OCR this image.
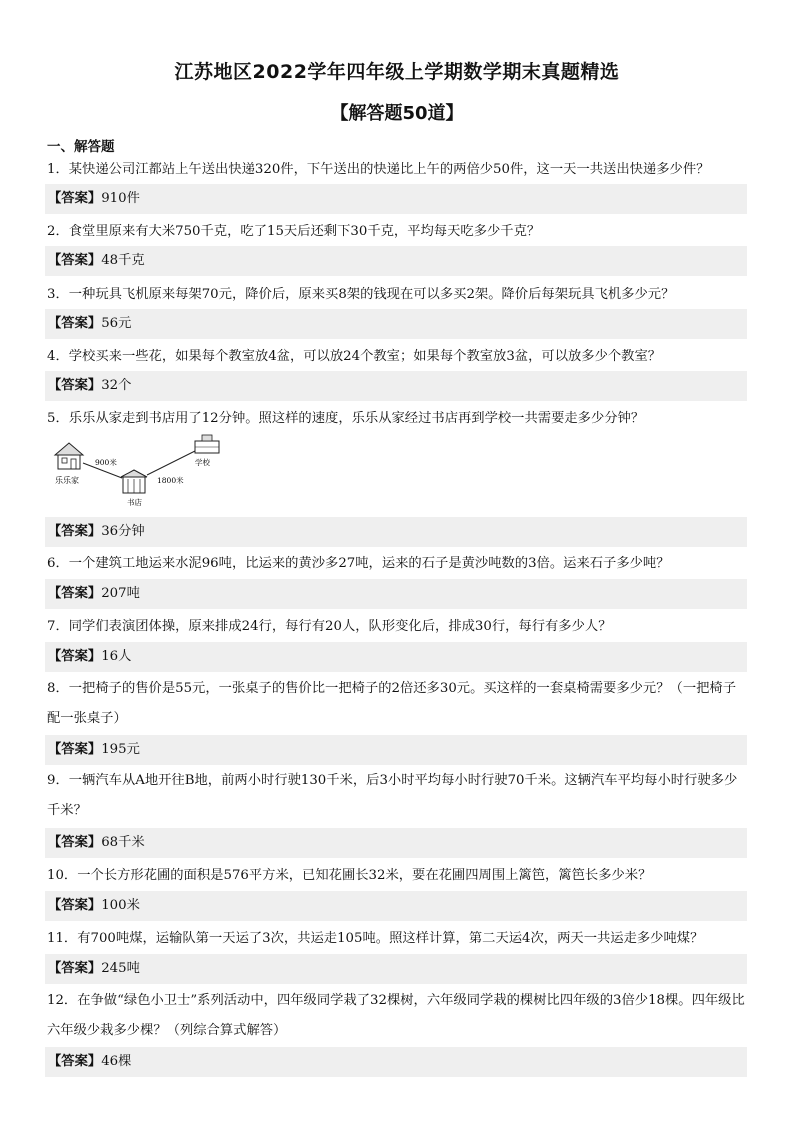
江苏地区2022学年四年级上学期数学期末真题精选
【解答题50道】
一、解答题
1．某快递公司江都站上午送出快递320件，下午送出的快递比上午的两倍少50件，这一天一共送出快递多少件？
【答案】910件
2．食堂里原来有大米750千克，吃了15天后还剩下30千克，平均每天吃多少千克？
【答案】48千克
3．一种玩具飞机原来每架70元，降价后，原来买8架的钱现在可以多买2架。降价后每架玩具飞机多少元？
【答案】56元
4．学校买来一些花，如果每个教室放4盆，可以放24个教室；如果每个教室放3盆，可以放多少个教室？
【答案】32个
5．乐乐从家走到书店用了12分钟。照这样的速度，乐乐从家经过书店再到学校一共需要走多少分钟？
乐乐家
900米
1800米
书店
学校
【答案】36分钟
6．一个建筑工地运来水泥96吨，比运来的黄沙多27吨，运来的石子是黄沙吨数的3倍。运来石子多少吨？
【答案】207吨
7．同学们表演团体操，原来排成24行，每行有20人，队形变化后，排成30行，每行有多少人？
【答案】16人
8．一把椅子的售价是55元，一张桌子的售价比一把椅子的2倍还多30元。买这样的一套桌椅需要多少元？（一把椅子配一张桌子）
【答案】195元
9．一辆汽车从A地开往B地，前两小时行驶130千米，后3小时平均每小时行驶70千米。这辆汽车平均每小时行驶多少千米？
【答案】68千米
10．一个长方形花圃的面积是576平方米，已知花圃长32米，要在花圃四周围上篱笆，篱笆长多少米？
【答案】100米
11．有700吨煤，运输队第一天运了3次，共运走105吨。照这样计算，第二天运4次，两天一共运走多少吨煤？
【答案】245吨
12．在争做“绿色小卫士”系列活动中，四年级同学栽了32棵树，六年级同学栽的棵树比四年级的3倍少18棵。四年级比六年级少栽多少棵？（列综合算式解答）
【答案】46棵
